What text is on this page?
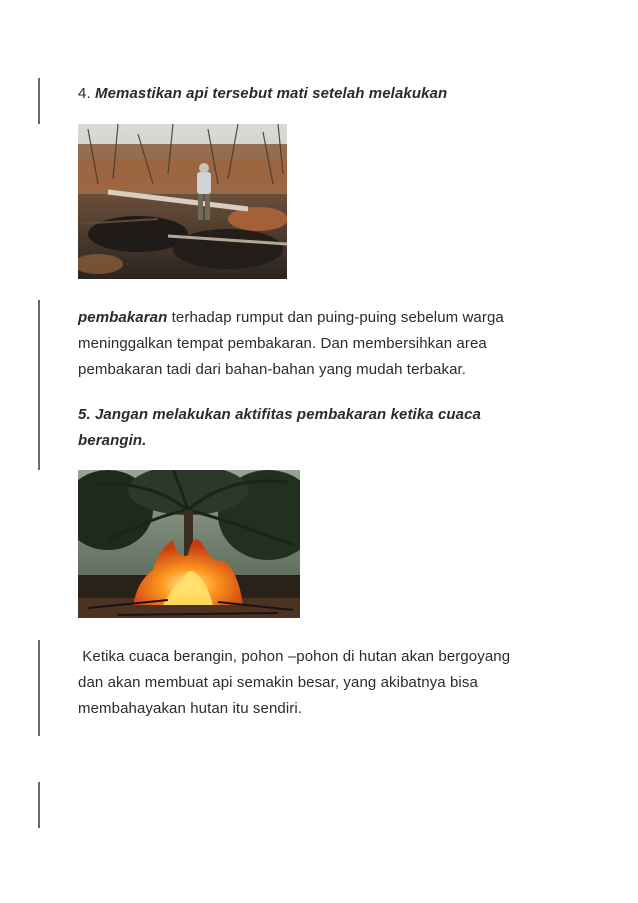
4. Memastikan api tersebut mati setelah melakukan
pembakaran terhadap rumput dan puing-puing sebelum warga
meninggalkan tempat pembakaran. Dan membersihkan area
pembakaran tadi dari bahan-bahan yang mudah terbakar.
5. Jangan melakukan aktifitas pembakaran ketika cuaca
berangin.
Ketika cuaca berangin, pohon –pohon di hutan akan bergoyang
dan akan membuat api semakin besar, yang akibatnya bisa
membahayakan hutan itu sendiri.
